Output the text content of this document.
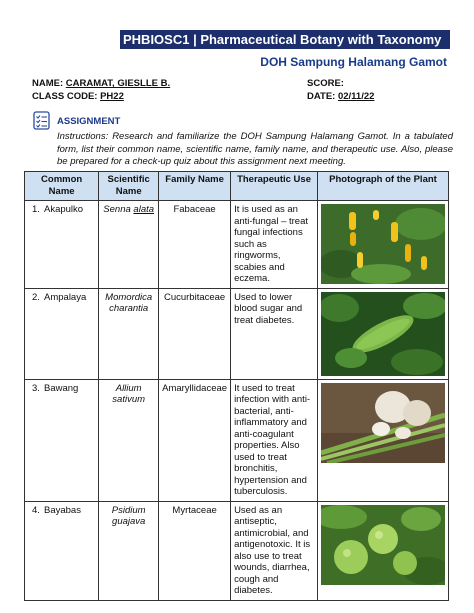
PHBIOSC1 | Pharmaceutical Botany with Taxonomy
DOH Sampung Halamang Gamot
NAME: CARAMAT, GIESLLE B.
CLASS CODE: PH22
SCORE:
DATE: 02/11/22
ASSIGNMENT
Instructions: Research and familiarize the DOH Sampung Halamang Gamot. In a tabulated form, list their common name, scientific name, family name, and therapeutic use. Also, please be prepared for a check-up quiz about this assignment next meeting.
Common Name	Scientific Name	Family Name	Therapeutic Use	Photograph of the Plant
1. Akapulko	Senna alata	Fabaceae	It is used as an anti-fungal – treat fungal infections such as ringworms, scabies and eczema.	

2. Ampalaya	Momordica charantia	Cucurbitaceae	Used to lower blood sugar and treat diabetes.	

3. Bawang	Allium sativum	Amaryllidaceae	It used to treat infection with anti-bacterial, anti-inflammatory and anti-coagulant properties. Also used to treat bronchitis, hypertension and tuberculosis.	

4. Bayabas	Psidium guajava	Myrtaceae	Used as an antiseptic, antimicrobial, and antigenotoxic. It is also use to treat wounds, diarrhea, cough and diabetes.	
